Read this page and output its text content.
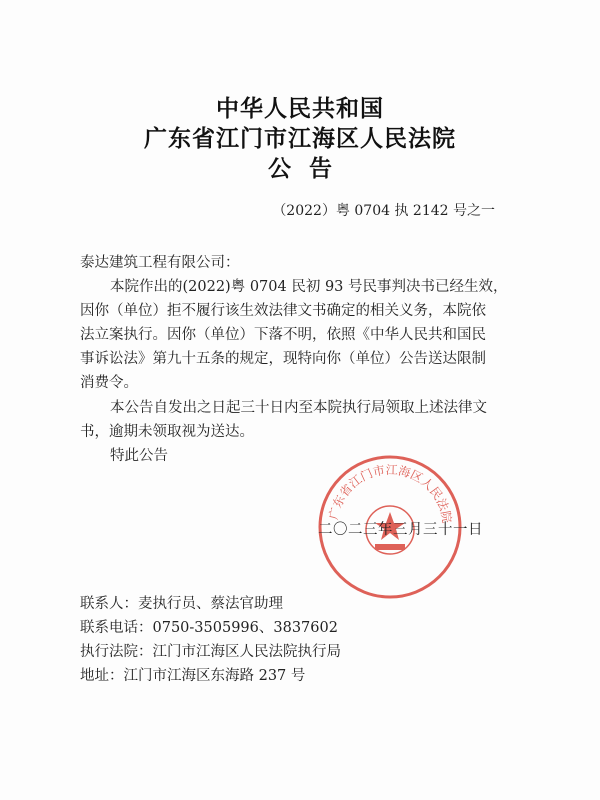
中华人民共和国
广东省江门市江海区人民法院
公告
（2022）粤 0704 执 2142 号之一
泰达建筑工程有限公司：
本院作出的(2022)粤 0704 民初 93 号民事判决书已经生效，
因你（单位）拒不履行该生效法律文书确定的相关义务，本院依
法立案执行。因你（单位）下落不明，依照《中华人民共和国民
事诉讼法》第九十五条的规定，现特向你（单位）公告送达限制
消费令。
本公告自发出之日起三十日内至本院执行局领取上述法律文
书，逾期未领取视为送达。
特此公告
广东省江门市江海区人民法院
二〇二三年三月三十一日
联系人：麦执行员、蔡法官助理
联系电话：0750-3505996、3837602
执行法院：江门市江海区人民法院执行局
地址：江门市江海区东海路 237 号
